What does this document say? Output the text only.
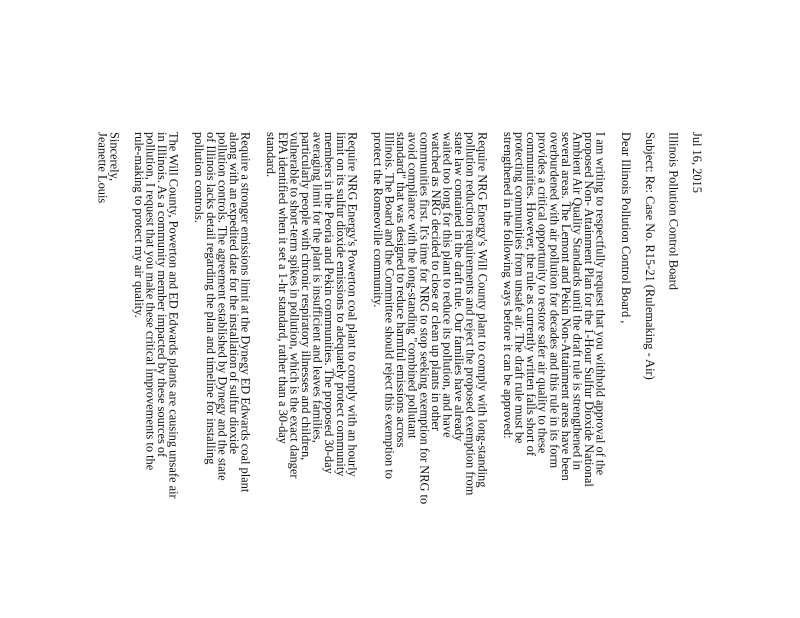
Jul 16, 2015
Illinois Pollution Control Board
Subject: Re: Case No. R15-21 (Rulemaking - Air)
Dear Illinois Pollution Control Board ,
I am writing to respectfully request that you withhold approval of the
proposed Non- Attainment Plan for the 1-Hour Sulfur Dioxide National
Ambient Air Quality Standards until the draft rule is strengthened in
several areas. The Lemont and Pekin Non-Attainment areas have been
overburdened with air pollution for decades and this rule in its form
provides a critical opportunity to restore safer air quality to these
communities. However, the rule as currently written falls short of
protecting communities from unsafe air. The draft rule must be
strengthened in the following ways before it can be approved:
Require NRG Energy's Will County plant to comply with long-standing
pollution reduction requirements and reject the proposed exemption from
state law contained in the draft rule. Our families have already
waited too long for this plant to reduce its pollution, and have
watched as NRG decided to close or clean up plants in other
communities first. It's time for NRG to stop seeking exemption for NRG to
avoid compliance with the long-standing "combined pollutant
standard" that was designed to reduce harmful emissions across
Illinois. The Board and the Committee should reject this exemption to
protect the Romeoville community.
Require NRG Energy's Powerton coal plant to comply with an hourly
limit on its sulfur dioxide emissions to adequately protect community
members in the Peoria and Pekin communities. The proposed 30-day
averaging limit for the plant is insufficient and leaves families,
particularly people with chronic respiratory illnesses and children,
vulnerable to short-term spikes in pollution, which is the exact danger
EPA identified when it set a 1-hr standard, rather than a 30-day
standard.
Require a stronger emissions limit at the Dynegy ED Edwards coal plant
along with an expedited date for the installation of sulfur dioxide
pollution controls. The agreement established by Dynegy and the state
of Illinois lacks detail regarding the plan and timeline for installing
pollution controls.
The Will County, Powerton and ED Edwards plants are causing unsafe air
in Illinois. As a community member impacted by these sources of
pollution, I request that you make these critical improvements to the
rule-making to protect my air quality.
Sincerely,
Jeanette Louis
